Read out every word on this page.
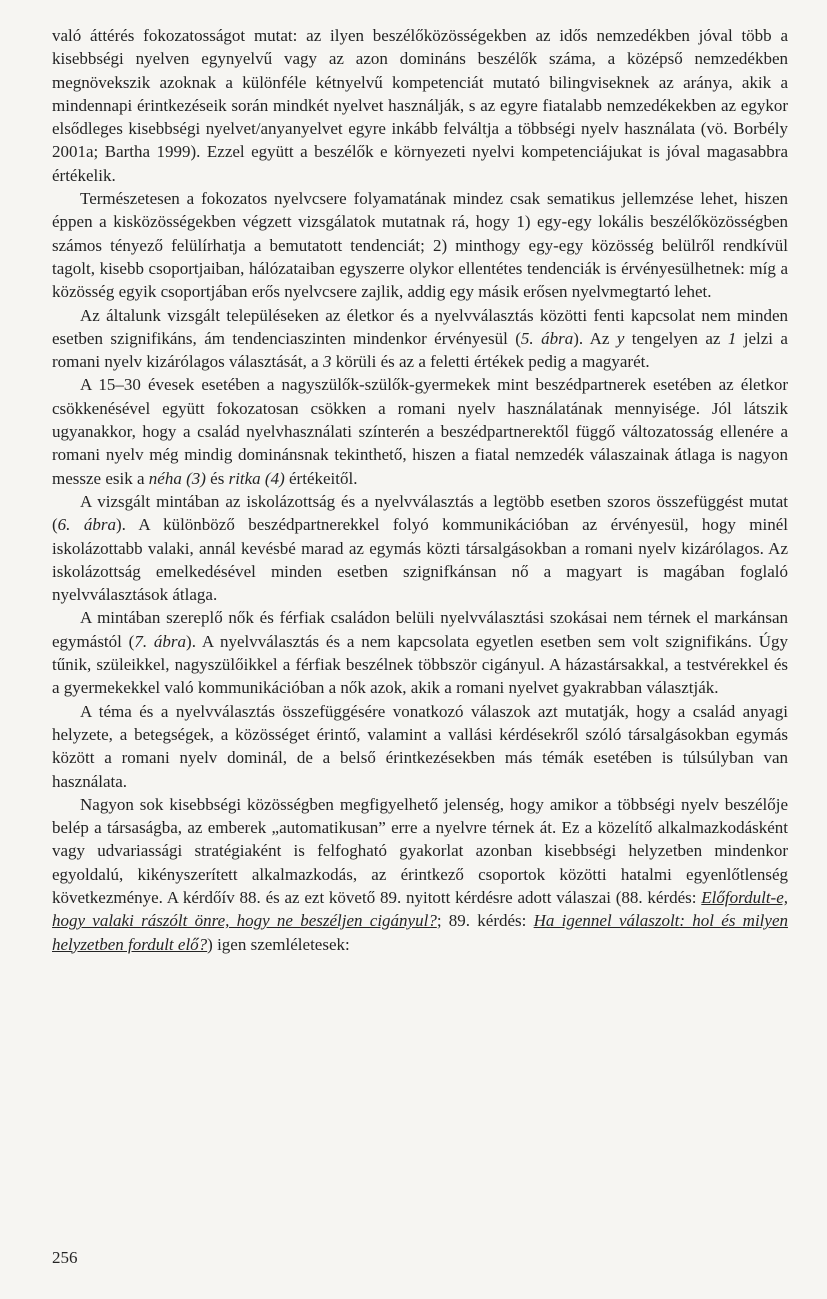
való áttérés fokozatosságot mutat: az ilyen beszélőközösségekben az idős nemzedékben jóval több a kisebbségi nyelven egynyelvű vagy az azon domináns beszélők száma, a középső nemzedékben megnövekszik azoknak a különféle kétnyelvű kompetenciát mutató bilingviseknek az aránya, akik a mindennapi érintkezéseik során mindkét nyelvet használják, s az egyre fiatalabb nemzedékekben az egykor elsődleges kisebbségi nyelvet/anyanyelvet egyre inkább felváltja a többségi nyelv használata (vö. Borbély 2001a; Bartha 1999). Ezzel együtt a beszélők e környezeti nyelvi kompetenciájukat is jóval magasabbra értékelik.

Természetesen a fokozatos nyelvcsere folyamatának mindez csak sematikus jellemzése lehet, hiszen éppen a kisközösségekben végzett vizsgálatok mutatnak rá, hogy 1) egy-egy lokális beszélőközösségben számos tényező felülírhatja a bemutatott tendenciát; 2) minthogy egy-egy közösség belülről rendkívül tagolt, kisebb csoportjaiban, hálózataiban egyszerre olykor ellentétes tendenciák is érvényesülhetnek: míg a közösség egyik csoportjában erős nyelvcsere zajlik, addig egy másik erősen nyelvmegtartó lehet.

Az általunk vizsgált településeken az életkor és a nyelvválasztás közötti fenti kapcsolat nem minden esetben szignifikáns, ám tendenciaszinten mindenkor érvényesül (5. ábra). Az y tengelyen az 1 jelzi a romani nyelv kizárólagos választását, a 3 körüli és az a feletti értékek pedig a magyarét.

A 15–30 évesek esetében a nagyszülők-szülők-gyermekek mint beszédpartnerek esetében az életkor csökkenésével együtt fokozatosan csökken a romani nyelv használatának mennyisége. Jól látszik ugyanakkor, hogy a család nyelvhasználati színterén a beszédpartnerektől függő változatosság ellenére a romani nyelv még mindig dominánsnak tekinthető, hiszen a fiatal nemzedék válaszainak átlaga is nagyon messze esik a néha (3) és ritka (4) értékeitől.

A vizsgált mintában az iskolázottság és a nyelvválasztás a legtöbb esetben szoros összefüggést mutat (6. ábra). A különböző beszédpartnerekkel folyó kommunikációban az érvényesül, hogy minél iskolázottabb valaki, annál kevésbé marad az egymás közti társalgásokban a romani nyelv kizárólagos. Az iskolázottság emelkedésével minden esetben szignifkánsan nő a magyart is magában foglaló nyelvválasztások átlaga.

A mintában szereplő nők és férfiak családon belüli nyelvválasztási szokásai nem térnek el markánsan egymástól (7. ábra). A nyelvválasztás és a nem kapcsolata egyetlen esetben sem volt szignifikáns. Úgy tűnik, szüleikkel, nagyszülőikkel a férfiak beszélnek többször cigányul. A házastársakkal, a testvérekkel és a gyermekekkel való kommunikációban a nők azok, akik a romani nyelvet gyakrabban választják.

A téma és a nyelvválasztás összefüggésére vonatkozó válaszok azt mutatják, hogy a család anyagi helyzete, a betegségek, a közösséget érintő, valamint a vallási kérdésekről szóló társalgásokban egymás között a romani nyelv dominál, de a belső érintkezésekben más témák esetében is túlsúlyban van használata.

Nagyon sok kisebbségi közösségben megfigyelhető jelenség, hogy amikor a többségi nyelv beszélője belép a társaságba, az emberek „automatikusan” erre a nyelvre térnek át. Ez a közelítő alkalmazkodásként vagy udvariassági stratégiaként is felfogható gyakorlat azonban kisebbségi helyzetben mindenkor egyoldalú, kikényszerített alkalmazkodás, az érintkező csoportok közötti hatalmi egyenlőtlenség következménye. A kérdőív 88. és az ezt követő 89. nyitott kérdésre adott válaszai (88. kérdés: Előfordult-e, hogy valaki rászólt önre, hogy ne beszéljen cigányul?; 89. kérdés: Ha igennel válaszolt: hol és milyen helyzetben fordult elő?) igen szemléletesek:

256
